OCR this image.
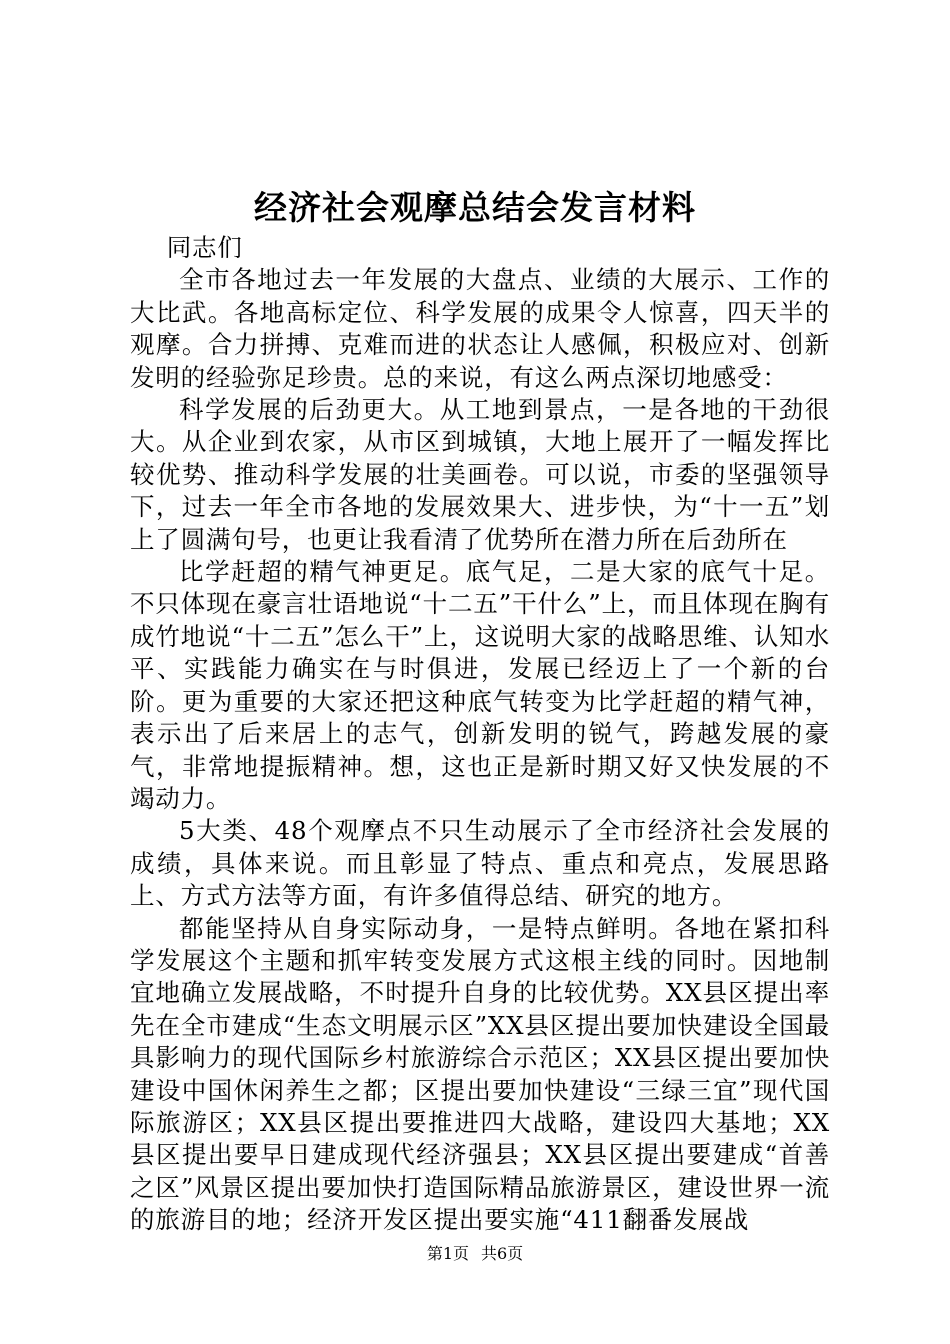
经济社会观摩总结会发言材料

同志们

全市各地过去一年发展的大盘点、业绩的大展示、工作的大比武。各地高标定位、科学发展的成果令人惊喜，四天半的观摩。合力拼搏、克难而进的状态让人感佩，积极应对、创新发明的经验弥足珍贵。总的来说，有这么两点深切地感受：

科学发展的后劲更大。从工地到景点，一是各地的干劲很大。从企业到农家，从市区到城镇，大地上展开了一幅发挥比较优势、推动科学发展的壮美画卷。可以说，市委的坚强领导下，过去一年全市各地的发展效果大、进步快，为“十一五”划上了圆满句号，也更让我看清了优势所在潜力所在后劲所在

比学赶超的精气神更足。底气足，二是大家的底气十足。不只体现在豪言壮语地说“十二五”干什么”上，而且体现在胸有成竹地说“十二五”怎么干”上，这说明大家的战略思维、认知水平、实践能力确实在与时俱进，发展已经迈上了一个新的台阶。更为重要的大家还把这种底气转变为比学赶超的精气神，表示出了后来居上的志气，创新发明的锐气，跨越发展的豪气，非常地提振精神。想，这也正是新时期又好又快发展的不竭动力。

5大类、48个观摩点不只生动展示了全市经济社会发展的成绩，具体来说。而且彰显了特点、重点和亮点，发展思路上、方式方法等方面，有许多值得总结、研究的地方。

都能坚持从自身实际动身，一是特点鲜明。各地在紧扣科学发展这个主题和抓牢转变发展方式这根主线的同时。因地制宜地确立发展战略，不时提升自身的比较优势。XX县区提出率先在全市建成“生态文明展示区”XX县区提出要加快建设全国最具影响力的现代国际乡村旅游综合示范区；XX县区提出要加快建设中国休闲养生之都；区提出要加快建设“三绿三宜”现代国际旅游区；XX县区提出要推进四大战略，建设四大基地；XX县区提出要早日建成现代经济强县；XX县区提出要建成“首善之区”风景区提出要加快打造国际精品旅游景区，建设世界一流的旅游目的地；经济开发区提出要实施“411翻番发展战

第1页 共6页
